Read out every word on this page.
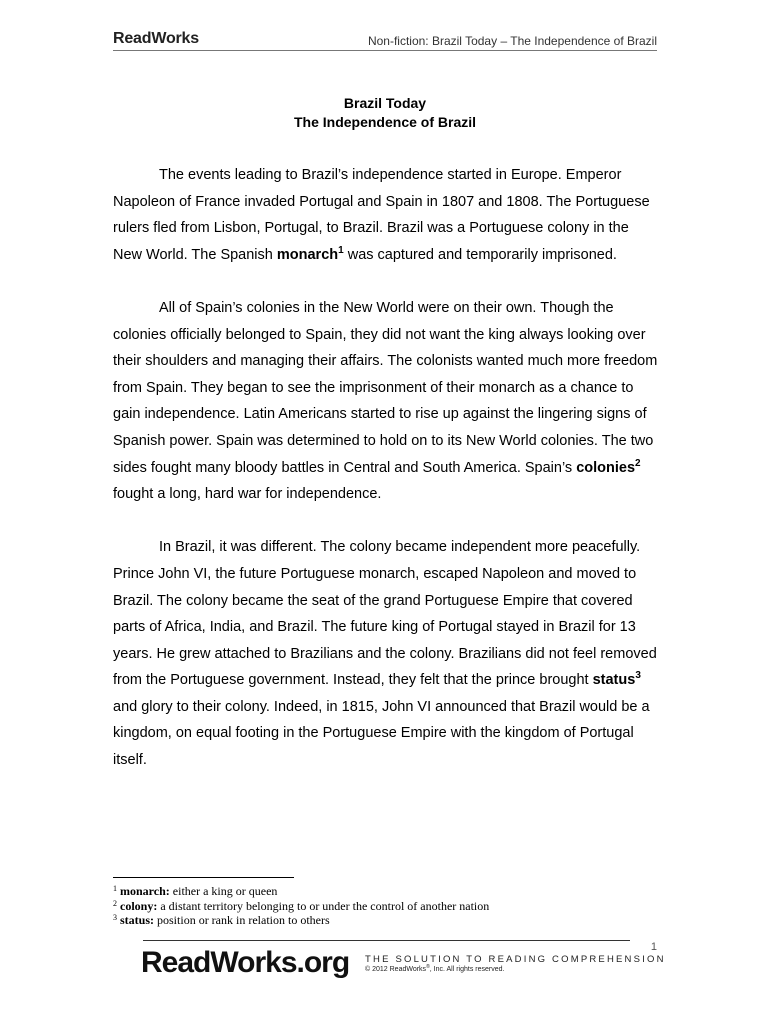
ReadWorks	Non-fiction: Brazil Today – The Independence of Brazil
Brazil Today
The Independence of Brazil

The events leading to Brazil’s independence started in Europe. Emperor Napoleon of France invaded Portugal and Spain in 1807 and 1808. The Portuguese rulers fled from Lisbon, Portugal, to Brazil. Brazil was a Portuguese colony in the New World. The Spanish monarch$^1$ was captured and temporarily imprisoned.

All of Spain’s colonies in the New World were on their own. Though the colonies officially belonged to Spain, they did not want the king always looking over their shoulders and managing their affairs. The colonists wanted much more freedom from Spain. They began to see the imprisonment of their monarch as a chance to gain independence. Latin Americans started to rise up against the lingering signs of Spanish power. Spain was determined to hold on to its New World colonies. The two sides fought many bloody battles in Central and South America. Spain’s colonies$^2$ fought a long, hard war for independence.

In Brazil, it was different. The colony became independent more peacefully. Prince John VI, the future Portuguese monarch, escaped Napoleon and moved to Brazil. The colony became the seat of the grand Portuguese Empire that covered parts of Africa, India, and Brazil. The future king of Portugal stayed in Brazil for 13 years. He grew attached to Brazilians and the colony. Brazilians did not feel removed from the Portuguese government. Instead, they felt that the prince brought status$^3$ and glory to their colony. Indeed, in 1815, John VI announced that Brazil would be a kingdom, on equal footing in the Portuguese Empire with the kingdom of Portugal itself.

$^1$ monarch: either a king or queen

$^2$ colony: a distant territory belonging to or under the control of another nation

$^3$ status: position or rank in relation to others

1
ReadWorks.org THE SOLUTION TO READING COMPREHENSION
© 2012 ReadWorks®, Inc. All rights reserved.
